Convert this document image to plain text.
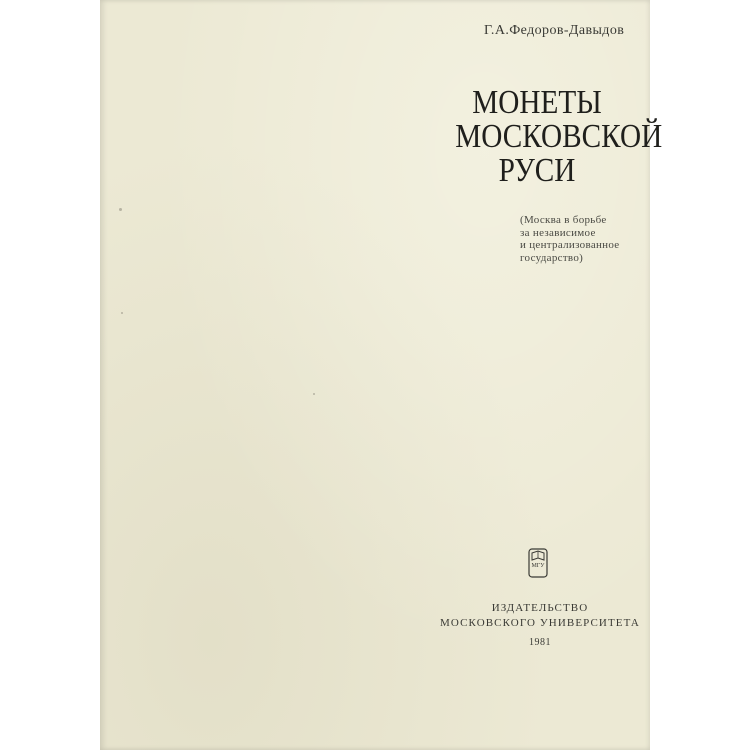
Г.А.Федоров-Давыдов

МОНЕТЫ
МОСКОВСКОЙ
РУСИ

(Москва в борьбе
за независимое
и централизованное
государство)

МГУ

ИЗДАТЕЛЬСТВО
МОСКОВСКОГО УНИВЕРСИТЕТА

1981
